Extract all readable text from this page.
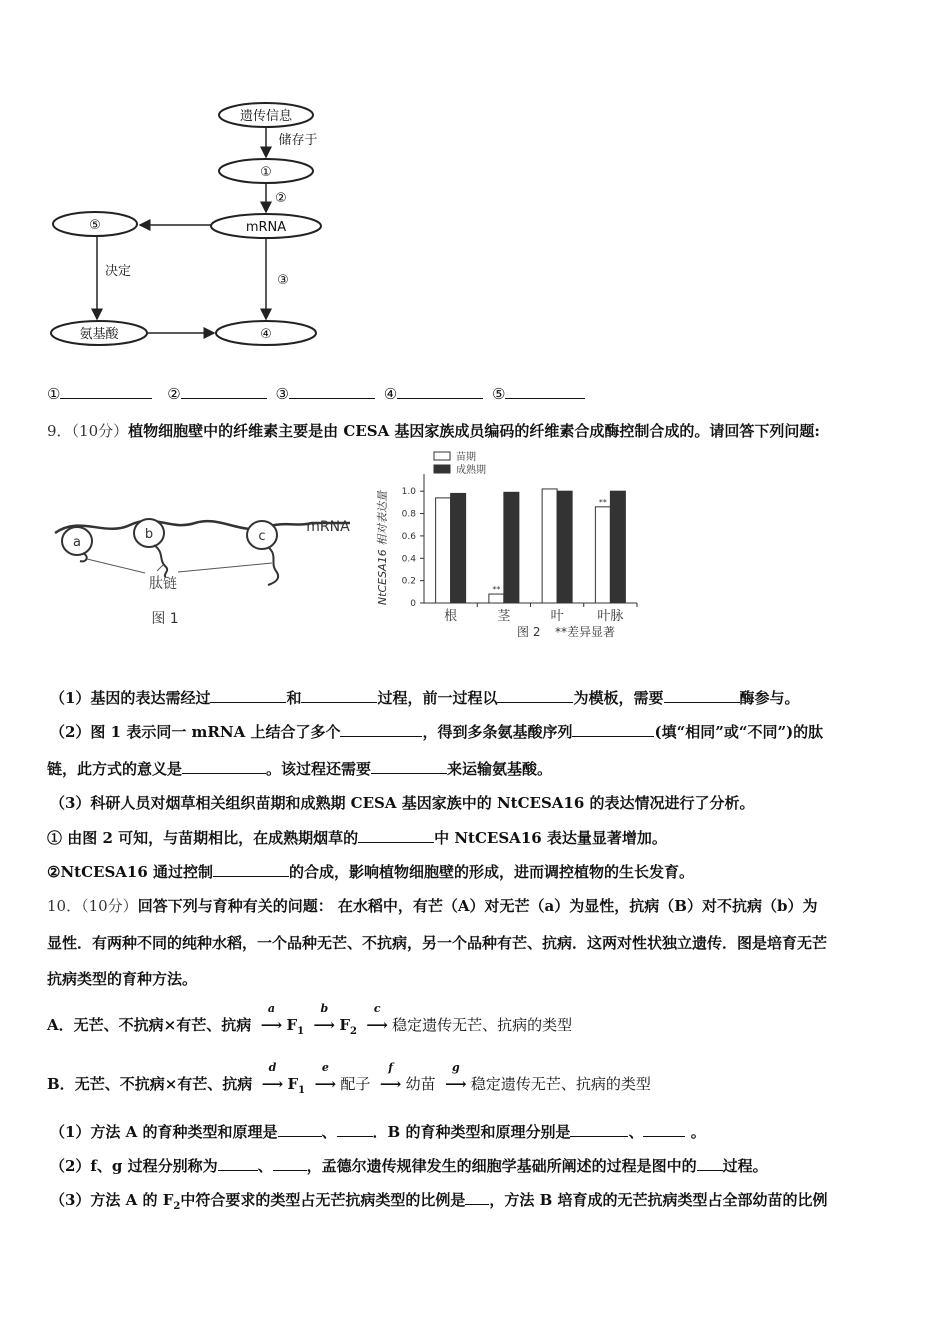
遗传信息
①
mRNA
⑤
氨基酸	④
储存于
②
决定
③
①	②	③	④	⑤
9．（10分）植物细胞壁中的纤维素主要是由 CESA 基因家族成员编码的纤维素合成酶控制合成的。请回答下列问题:
a
b	c
mRNA
肽链
图 1
苗期
成熟期
NtCESA16 相对表达量 0
0.2
0.4
0.6
0.8
1.0
根
**
茎	叶
**
叶脉
图 2 **差异显著
（1）基因的表达需经过	和	过程，前一过程以	为模板，需要	酶参与。
（2）图 1 表示同一 mRNA 上结合了多个	，得到多条氨基酸序列	(填“相同”或“不同”)的肽
链，此方式的意义是	。该过程还需要	来运输氨基酸。
（3）科研人员对烟草相关组织苗期和成熟期 CESA 基因家族中的 NtCESA16 的表达情况进行了分析。
① 由图 2 可知，与苗期相比，在成熟期烟草的	中 NtCESA16 表达量显著增加。
②NtCESA16 通过控制	的合成，影响植物细胞壁的形成，进而调控植物的生长发育。
10．（10分）回答下列与育种有关的问题： 在水稻中，有芒（A）对无芒（a）为显性，抗病（B）对不抗病（b）为
显性．有两种不同的纯种水稻，一个品种无芒、不抗病，另一个品种有芒、抗病．这两对性状独立遗传．图是培育无芒
抗病类型的育种方法。
A．无芒、不抗病×有芒、抗病
a
⟶ $F_1$
b
⟶ $F_2$
c
⟶ 稳定遗传无芒、抗病的类型
B．无芒、不抗病×有芒、抗病
d
⟶ $F_1$
e
⟶ 配子
f
⟶ 幼苗
g
⟶ 稳定遗传无芒、抗病的类型
（1）方法 A 的育种类型和原理是	、 ．B 的育种类型和原理分别是	、	。
（2）f、g 过程分别称为	、 ，孟德尔遗传规律发生的细胞学基础所阐述的过程是图中的 过程。
（3）方法 A 的 $F_2$中符合要求的类型占无芒抗病类型的比例是 ，方法 B 培育成的无芒抗病类型占全部幼苗的比例
